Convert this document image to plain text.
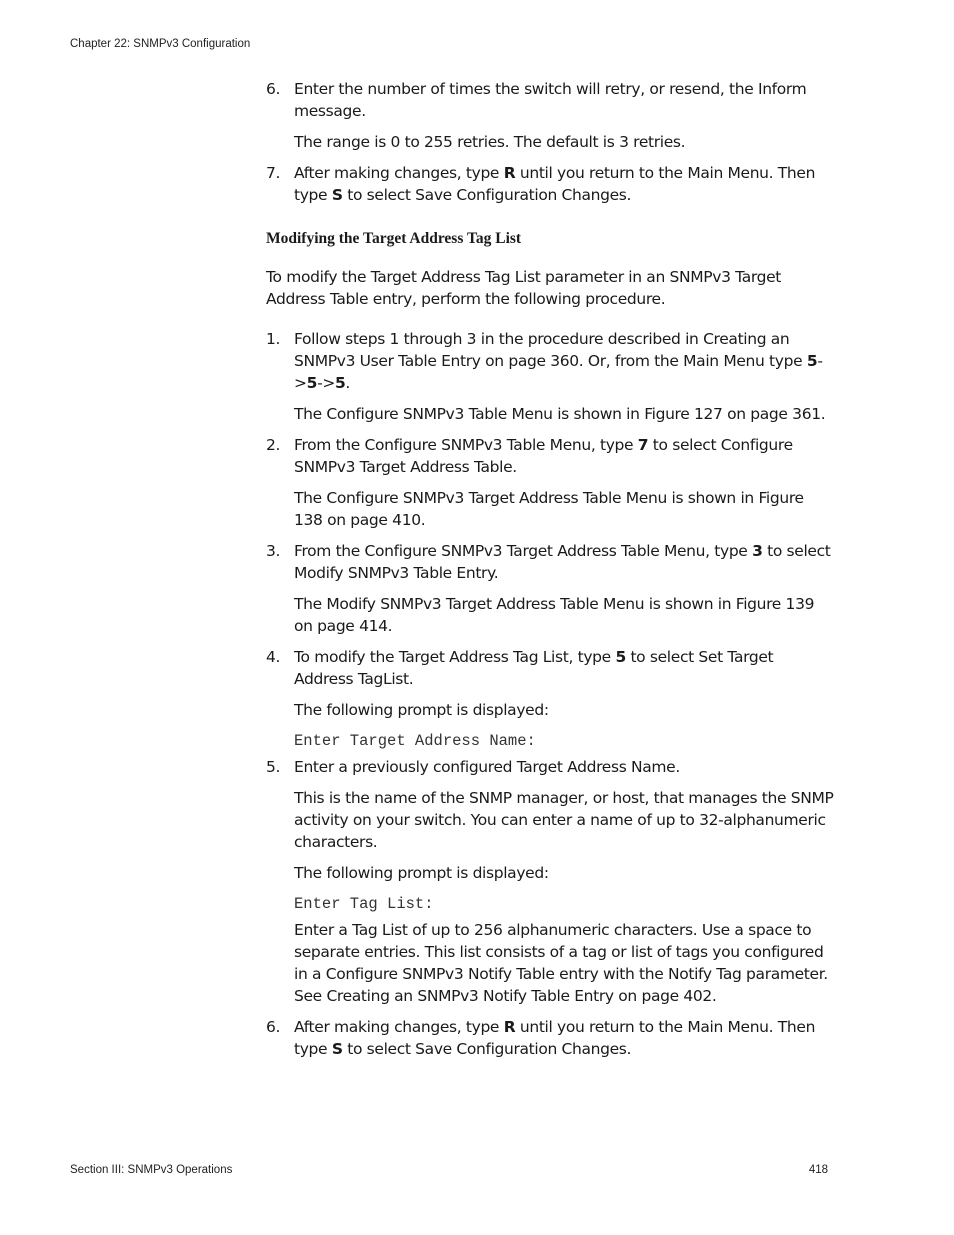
Chapter 22: SNMPv3 Configuration
6. Enter the number of times the switch will retry, or resend, the Inform message.
The range is 0 to 255 retries. The default is 3 retries.
7. After making changes, type R until you return to the Main Menu. Then type S to select Save Configuration Changes.
Modifying the Target Address Tag List
To modify the Target Address Tag List parameter in an SNMPv3 Target Address Table entry, perform the following procedure.
1. Follow steps 1 through 3 in the procedure described in Creating an SNMPv3 User Table Entry on page 360. Or, from the Main Menu type 5->5->5.
The Configure SNMPv3 Table Menu is shown in Figure 127 on page 361.
2. From the Configure SNMPv3 Table Menu, type 7 to select Configure SNMPv3 Target Address Table.
The Configure SNMPv3 Target Address Table Menu is shown in Figure 138 on page 410.
3. From the Configure SNMPv3 Target Address Table Menu, type 3 to select Modify SNMPv3 Table Entry.
The Modify SNMPv3 Target Address Table Menu is shown in Figure 139 on page 414.
4. To modify the Target Address Tag List, type 5 to select Set Target Address TagList.
The following prompt is displayed:
Enter Target Address Name:
5. Enter a previously configured Target Address Name.
This is the name of the SNMP manager, or host, that manages the SNMP activity on your switch. You can enter a name of up to 32-alphanumeric characters.
The following prompt is displayed:
Enter Tag List:
Enter a Tag List of up to 256 alphanumeric characters. Use a space to separate entries. This list consists of a tag or list of tags you configured in a Configure SNMPv3 Notify Table entry with the Notify Tag parameter. See Creating an SNMPv3 Notify Table Entry on page 402.
6. After making changes, type R until you return to the Main Menu. Then type S to select Save Configuration Changes.
Section III: SNMPv3 Operations	418
